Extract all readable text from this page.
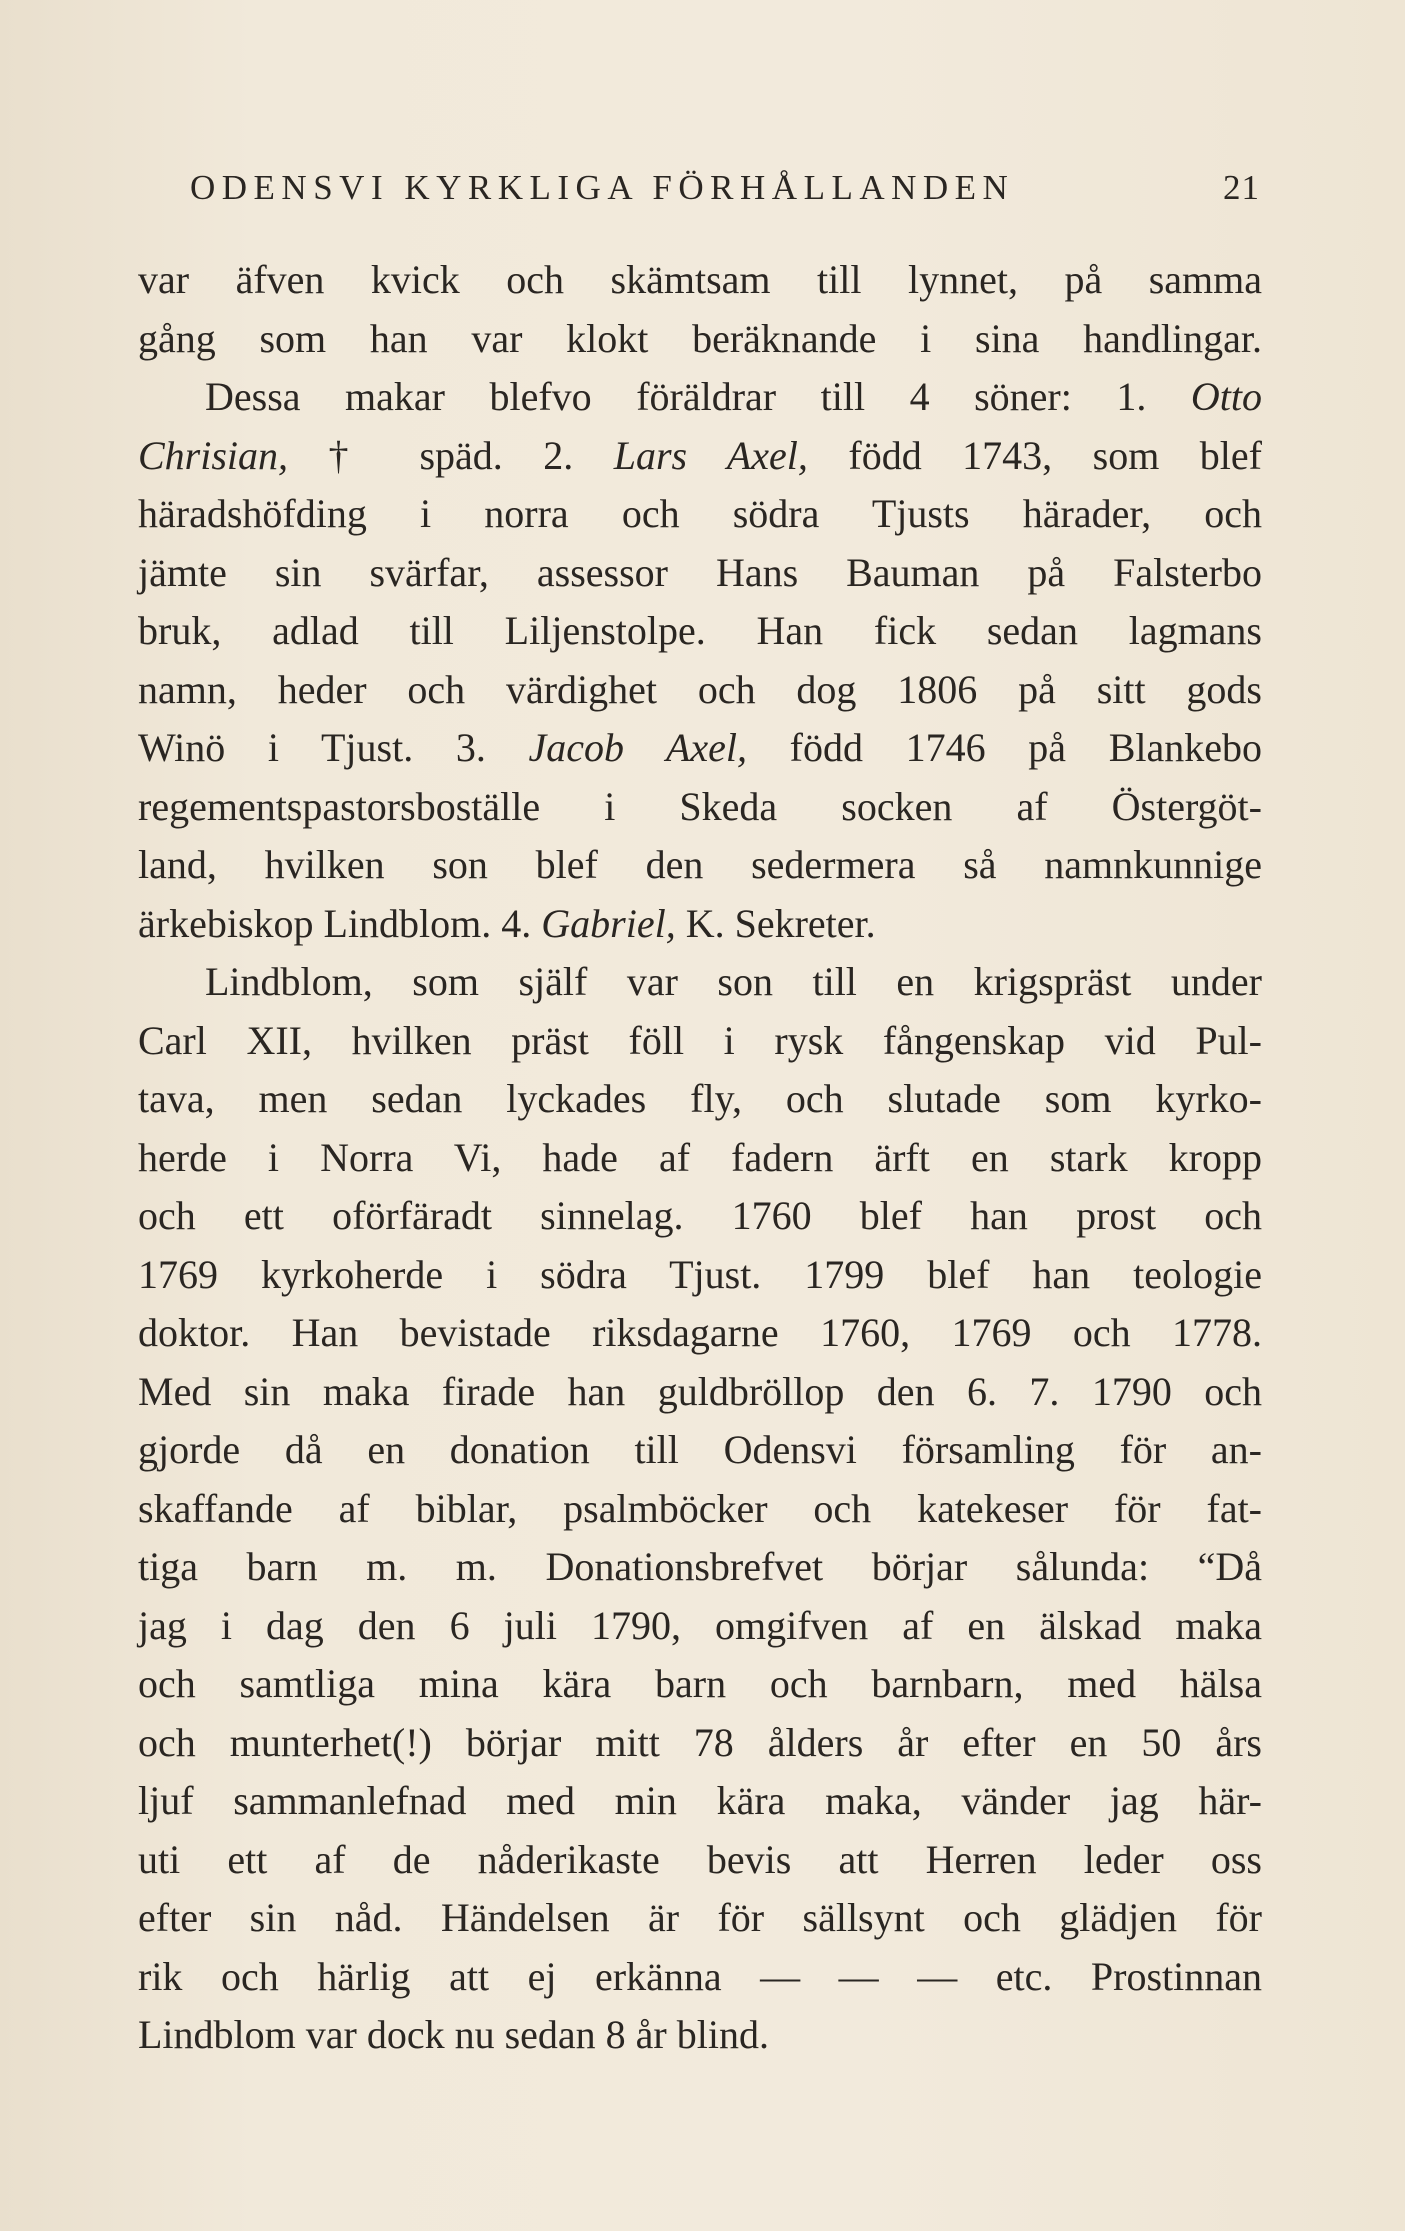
ODENSVI KYRKLIGA FÖRHÅLLANDEN	21
var äfven kvick och skämtsam till lynnet, på samma
gång som han var klokt beräknande i sina handlingar.
Dessa makar blefvo föräldrar till 4 söner: 1. Otto
Chrisian, † späd. 2. Lars Axel, född 1743, som blef
häradshöfding i norra och södra Tjusts härader, och
jämte sin svärfar, assessor Hans Bauman på Falsterbo
bruk, adlad till Liljenstolpe. Han fick sedan lagmans
namn, heder och värdighet och dog 1806 på sitt gods
Winö i Tjust. 3. Jacob Axel, född 1746 på Blankebo
regementspastorsboställe i Skeda socken af Östergöt-
land, hvilken son blef den sedermera så namnkunnige
ärkebiskop Lindblom. 4. Gabriel, K. Sekreter.
Lindblom, som själf var son till en krigspräst under
Carl XII, hvilken präst föll i rysk fångenskap vid Pul-
tava, men sedan lyckades fly, och slutade som kyrko-
herde i Norra Vi, hade af fadern ärft en stark kropp
och ett oförfäradt sinnelag. 1760 blef han prost och
1769 kyrkoherde i södra Tjust. 1799 blef han teologie
doktor. Han bevistade riksdagarne 1760, 1769 och 1778.
Med sin maka firade han guldbröllop den 6. 7. 1790 och
gjorde då en donation till Odensvi församling för an-
skaffande af biblar, psalmböcker och katekeser för fat-
tiga barn m. m. Donationsbrefvet börjar sålunda: “Då
jag i dag den 6 juli 1790, omgifven af en älskad maka
och samtliga mina kära barn och barnbarn, med hälsa
och munterhet(!) börjar mitt 78 ålders år efter en 50 års
ljuf sammanlefnad med min kära maka, vänder jag här-
uti ett af de nåderikaste bevis att Herren leder oss
efter sin nåd. Händelsen är för sällsynt och glädjen för
rik och härlig att ej erkänna — — — etc. Prostinnan
Lindblom var dock nu sedan 8 år blind.
